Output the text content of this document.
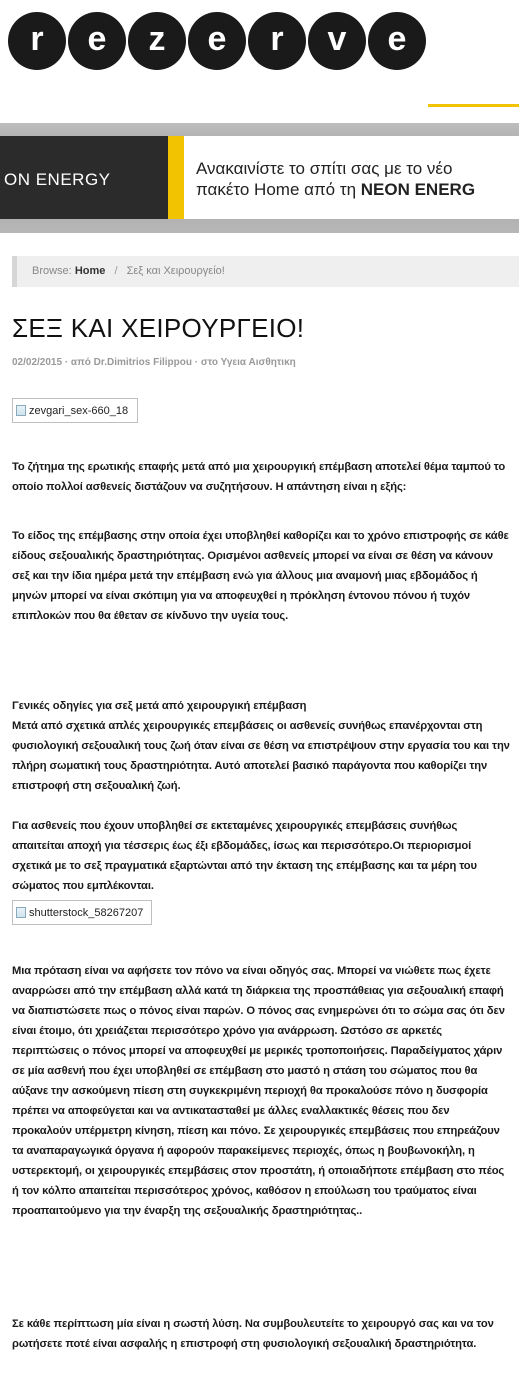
r e z e r v e
ON ENERGY
Ανακαινίστε το σπίτι σας με το νέο
πακέτο Home από τη NEON ENERG
Browse: Home / Σεξ και Χειρουργείο!
ΣΕΞ ΚΑΙ ΧΕΙΡΟΥΡΓΕΙΟ!
02/02/2015 · από Dr.Dimitrios Filippou · στο Υγεια Αισθητικη
zevgari_sex-660_18
Το ζήτημα της ερωτικής επαφής μετά από μια χειρουργική επέμβαση αποτελεί θέμα ταμπού το οποίο πολλοί ασθενείς διστάζουν να συζητήσουν. Η απάντηση είναι η εξής:
Το είδος της επέμβασης στην οποία έχει υποβληθεί καθορίζει και το χρόνο επιστροφής σε κάθε είδους σεξουαλικής δραστηριότητας. Ορισμένοι ασθενείς μπορεί να είναι σε θέση να κάνουν σεξ και την ίδια ημέρα μετά την επέμβαση ενώ για άλλους μια αναμονή μιας εβδομάδος ή μηνών μπορεί να είναι σκόπιμη για να αποφευχθεί η πρόκληση έντονου πόνου ή τυχόν επιπλοκών που θα έθεταν σε κίνδυνο την υγεία τους.
Γενικές οδηγίες για σεξ μετά από χειρουργική επέμβαση
Μετά από σχετικά απλές χειρουργικές επεμβάσεις οι ασθενείς συνήθως επανέρχονται στη φυσιολογική σεξουαλική τους ζωή όταν είναι σε θέση να επιστρέψουν στην εργασία του και την πλήρη σωματική τους δραστηριότητα. Αυτό αποτελεί βασικό παράγοντα που καθορίζει την επιστροφή στη σεξουαλική ζωή.
Για ασθενείς που έχουν υποβληθεί σε εκτεταμένες χειρουργικές επεμβάσεις συνήθως απαιτείται αποχή για τέσσερις έως έξι εβδομάδες, ίσως και περισσότερο.Οι περιορισμοί σχετικά με το σεξ πραγματικά εξαρτώνται από την έκταση της επέμβασης και τα μέρη του σώματος που εμπλέκονται.
shutterstock_58267207
Μια πρόταση είναι να αφήσετε τον πόνο να είναι οδηγός σας. Μπορεί να νιώθετε πως έχετε αναρρώσει από την επέμβαση αλλά κατά τη διάρκεια της προσπάθειας για σεξουαλική επαφή να διαπιστώσετε πως ο πόνος είναι παρών. Ο πόνος σας ενημερώνει ότι το σώμα σας ότι δεν είναι έτοιμο, ότι χρειάζεται περισσότερο χρόνο για ανάρρωση. Ωστόσο σε αρκετές περιπτώσεις ο πόνος μπορεί να αποφευχθεί με μερικές τροποποιήσεις. Παραδείγματος χάριν σε μία ασθενή που έχει υποβληθεί σε επέμβαση στο μαστό η στάση του σώματος που θα αύξανε την ασκούμενη πίεση στη συγκεκριμένη περιοχή θα προκαλούσε πόνο η δυσφορία πρέπει να αποφεύγεται και να αντικατασταθεί με άλλες εναλλακτικές θέσεις που δεν προκαλούν υπέρμετρη κίνηση, πίεση και πόνο. Σε χειρουργικές επεμβάσεις που επηρεάζουν τα αναπαραγωγικά όργανα ή αφορούν παρακείμενες περιοχές, όπως η βουβωνοκήλη, η υστερεκτομή, οι χειρουργικές επεμβάσεις στον προστάτη, ή οποιαδήποτε επέμβαση στο πέος ή τον κόλπο απαιτείται περισσότερος χρόνος, καθόσον η επούλωση του τραύματος είναι προαπαιτούμενο για την έναρξη της σεξουαλικής δραστηριότητας..
Σε κάθε περίπτωση μία είναι η σωστή λύση. Να συμβουλευτείτε το χειρουργό σας και να τον ρωτήσετε ποτέ είναι ασφαλής η επιστροφή στη φυσιολογική σεξουαλική δραστηριότητα.
